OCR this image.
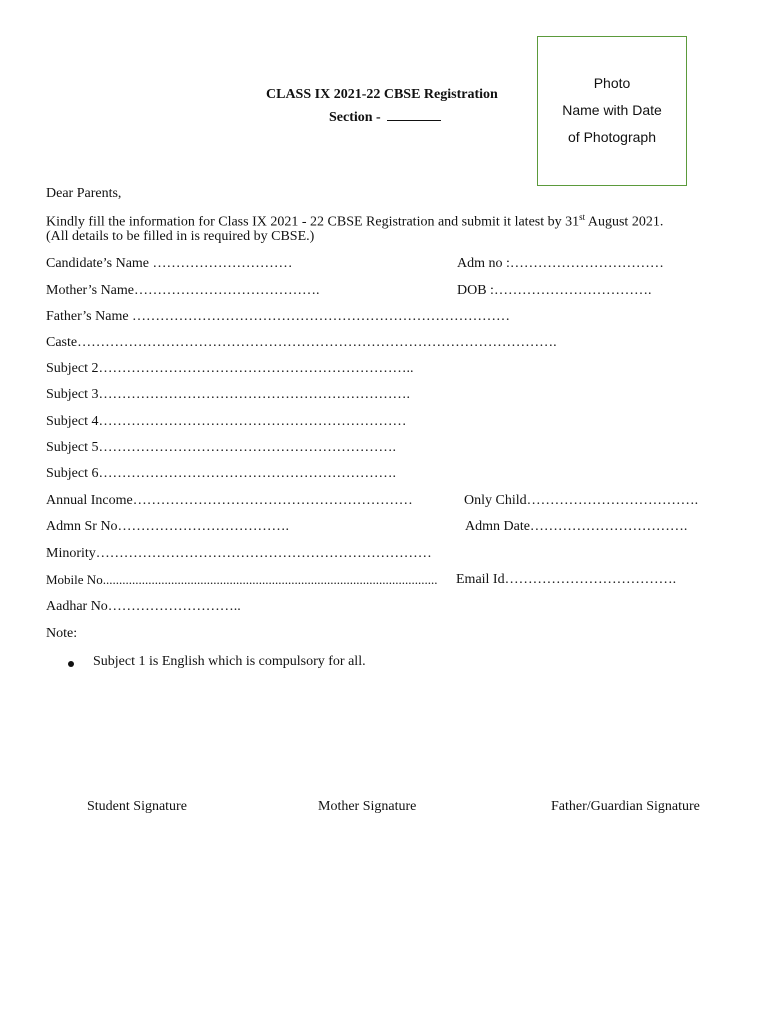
Photo
Name with Date
of Photograph
CLASS IX 2021-22 CBSE Registration
Section -
Dear Parents,
Kindly fill the information for Class IX 2021 - 22 CBSE Registration and submit it latest by 31st August 2021.
(All details to be filled in is required by CBSE.)
Candidate’s Name …………………………	Adm no :……………………………
Mother’s Name………………………………….	DOB :…………………………….
Father’s Name ………………………………………………………………………
Caste………………………………………………………………………………………….
Subject 2…………………………………………………………..
Subject 3………………………………………………………….
Subject 4…………………………………………………………
Subject 5……………………………………………………….
Subject 6……………………………………………………….
Annual Income……………………………………………………	Only Child……………………………….
Admn Sr No……………………………….	Admn Date…………………………….
Minority………………………………………………………………
Mobile No....................................................................................................... Email Id……………………………….
Aadhar No………………………..
Note:
Subject 1 is English which is compulsory for all.
Student Signature	Mother Signature	Father/Guardian Signature
